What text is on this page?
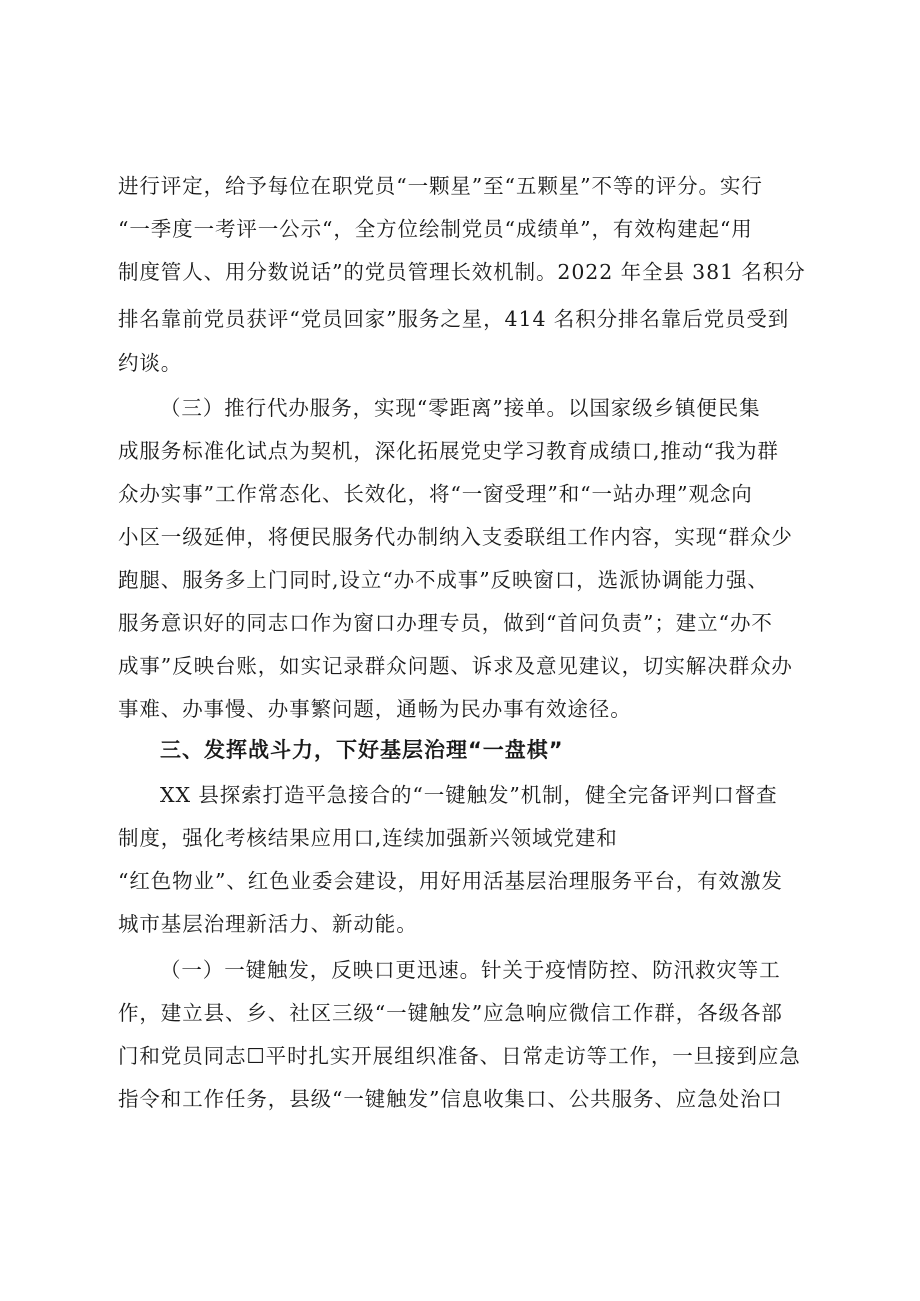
进行评定，给予每位在职党员“一颗星”至“五颗星”不等的评分。实行
“一季度一考评一公示“，全方位绘制党员“成绩单”，有效构建起“用
制度管人、用分数说话”的党员管理长效机制。2022 年全县 381 名积分
排名靠前党员获评“党员回家”服务之星，414 名积分排名靠后党员受到
约谈。
（三）推行代办服务，实现“零距离”接单。以国家级乡镇便民集
成服务标准化试点为契机，深化拓展党史学习教育成绩口,推动“我为群
众办实事”工作常态化、长效化，将“一窗受理”和“一站办理”观念向
小区一级延伸，将便民服务代办制纳入支委联组工作内容，实现“群众少
跑腿、服务多上门同时,设立“办不成事”反映窗口，选派协调能力强、
服务意识好的同志口作为窗口办理专员，做到“首问负责”；建立“办不
成事”反映台账，如实记录群众问题、诉求及意见建议，切实解决群众办
事难、办事慢、办事繁问题，通畅为民办事有效途径。
三、发挥战斗力，下好基层治理“一盘棋”
XX 县探索打造平急接合的“一键触发”机制，健全完备评判口督查
制度，强化考核结果应用口,连续加强新兴领域党建和
“红色物业”、红色业委会建设，用好用活基层治理服务平台，有效激发
城市基层治理新活力、新动能。
（一）一键触发，反映口更迅速。针关于疫情防控、防汛救灾等工
作，建立县、乡、社区三级“一键触发”应急响应微信工作群，各级各部
门和党员同志☐平时扎实开展组织准备、日常走访等工作，一旦接到应急
指令和工作任务，县级“一键触发”信息收集口、公共服务、应急处治口
